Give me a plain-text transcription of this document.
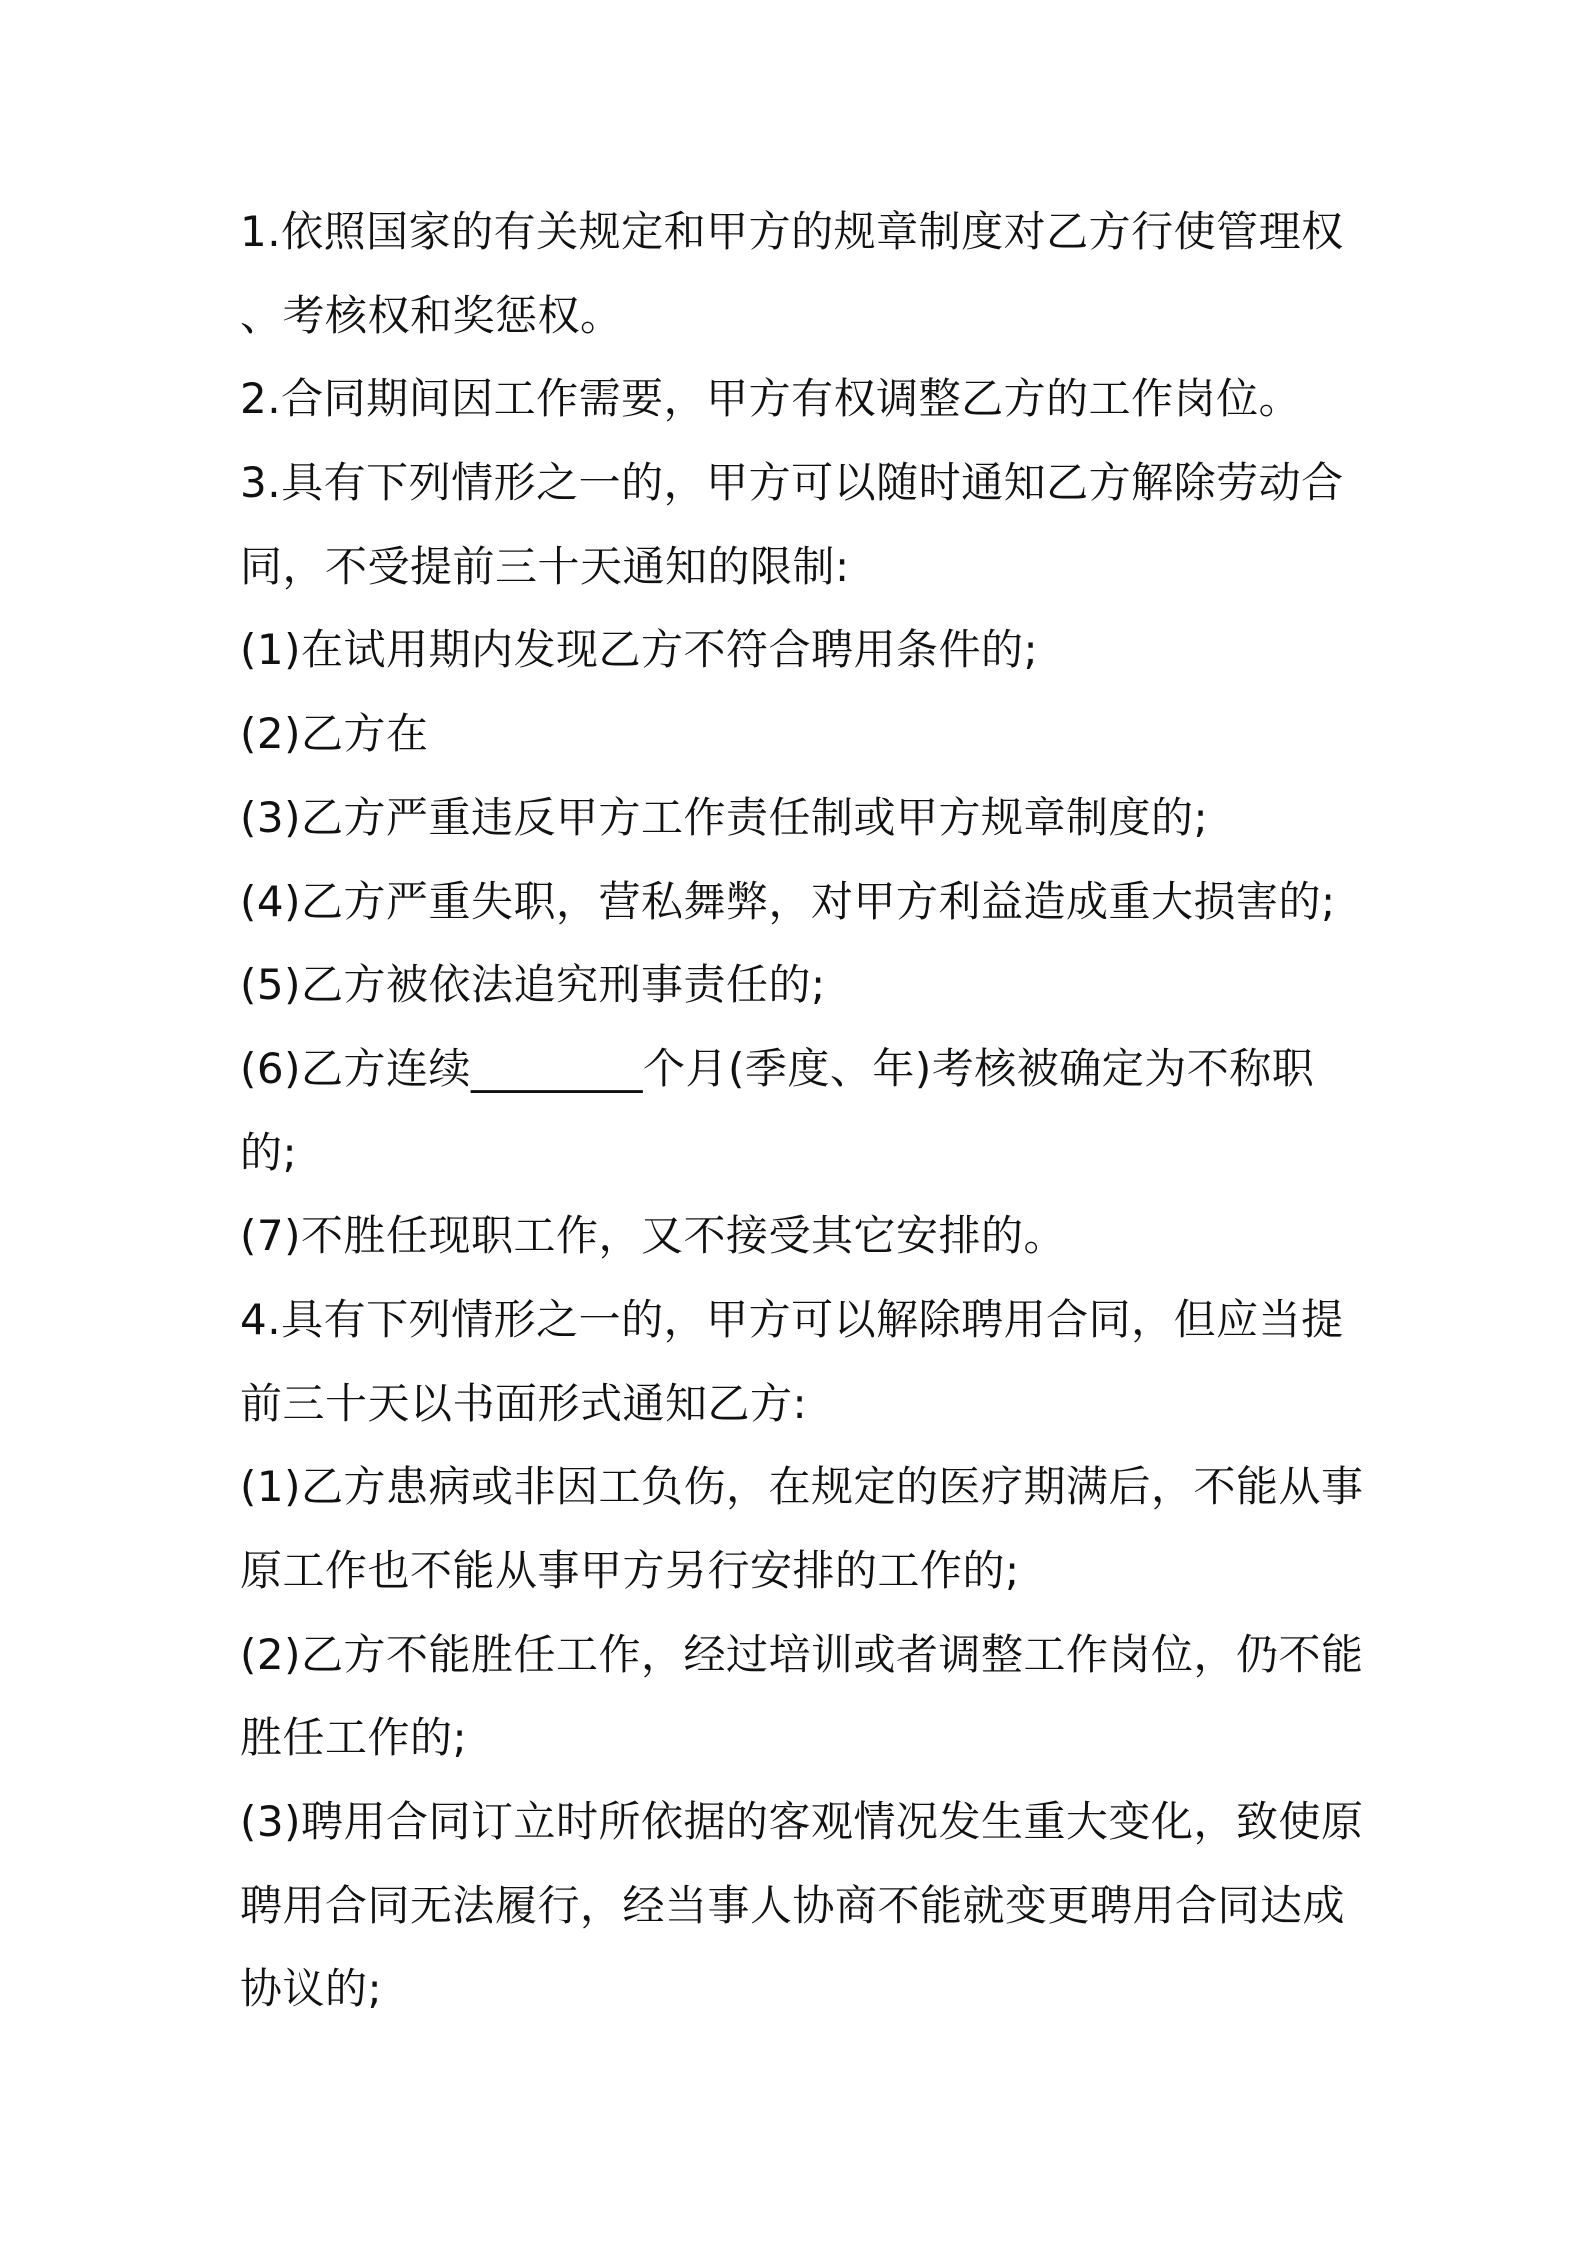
1.依照国家的有关规定和甲方的规章制度对乙方行使管理权
、考核权和奖惩权。
2.合同期间因工作需要，甲方有权调整乙方的工作岗位。
3.具有下列情形之一的，甲方可以随时通知乙方解除劳动合
同，不受提前三十天通知的限制:
(1)在试用期内发现乙方不符合聘用条件的;
(2)乙方在
(3)乙方严重违反甲方工作责任制或甲方规章制度的;
(4)乙方严重失职，营私舞弊，对甲方利益造成重大损害的;
(5)乙方被依法追究刑事责任的;
(6)乙方连续________个月(季度、年)考核被确定为不称职
的;
(7)不胜任现职工作，又不接受其它安排的。
4.具有下列情形之一的，甲方可以解除聘用合同，但应当提
前三十天以书面形式通知乙方:
(1)乙方患病或非因工负伤，在规定的医疗期满后，不能从事
原工作也不能从事甲方另行安排的工作的;
(2)乙方不能胜任工作，经过培训或者调整工作岗位，仍不能
胜任工作的;
(3)聘用合同订立时所依据的客观情况发生重大变化，致使原
聘用合同无法履行，经当事人协商不能就变更聘用合同达成
协议的;
